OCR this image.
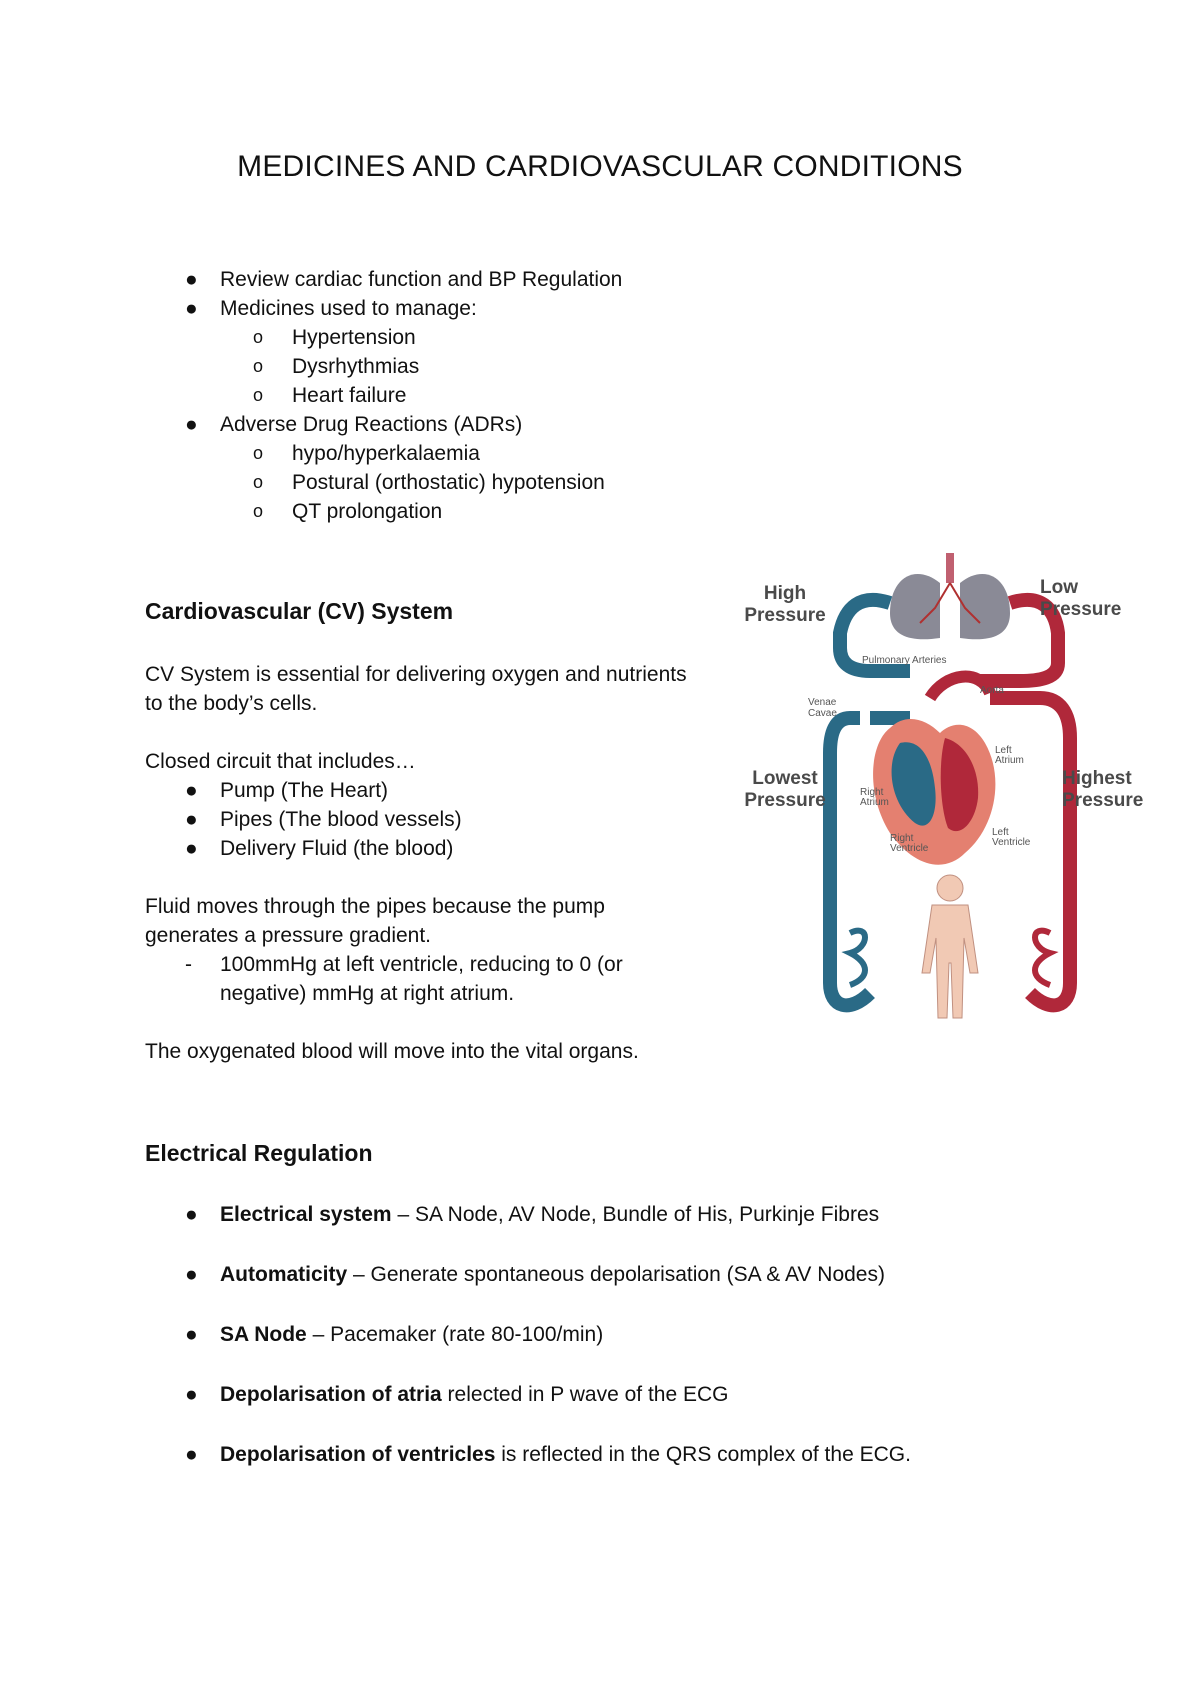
MEDICINES AND CARDIOVASCULAR CONDITIONS
● Review cardiac function and BP Regulation
● Medicines used to manage:
o Hypertension
o Dysrhythmias
o Heart failure
● Adverse Drug Reactions (ADRs)
o hypo/hyperkalaemia
o Postural (orthostatic) hypotension
o QT prolongation
Cardiovascular (CV) System

CV System is essential for delivering oxygen and nutrients

to the body’s cells.

Closed circuit that includes…

● Pump (The Heart)
● Pipes (The blood vessels)
● Delivery Fluid (the blood)

Fluid moves through the pipes because the pump

generates a pressure gradient.

- 100mmHg at left ventricle, reducing to 0 (or
negative) mmHg at right atrium.

The oxygenated blood will move into the vital organs.

High
Pressure
Low
Pressure
Lowest
Pressure
Highest
Pressure
Pulmonary Arteries
Venae
Cavae
Aorta
Left
Atrium
Right
Atrium
Right
Ventricle
Left
Ventricle
Electrical Regulation
● Electrical system – SA Node, AV Node, Bundle of His, Purkinje Fibres
● Automaticity – Generate spontaneous depolarisation (SA & AV Nodes)
● SA Node – Pacemaker (rate 80-100/min)
● Depolarisation of atria relected in P wave of the ECG
● Depolarisation of ventricles is reflected in the QRS complex of the ECG.
